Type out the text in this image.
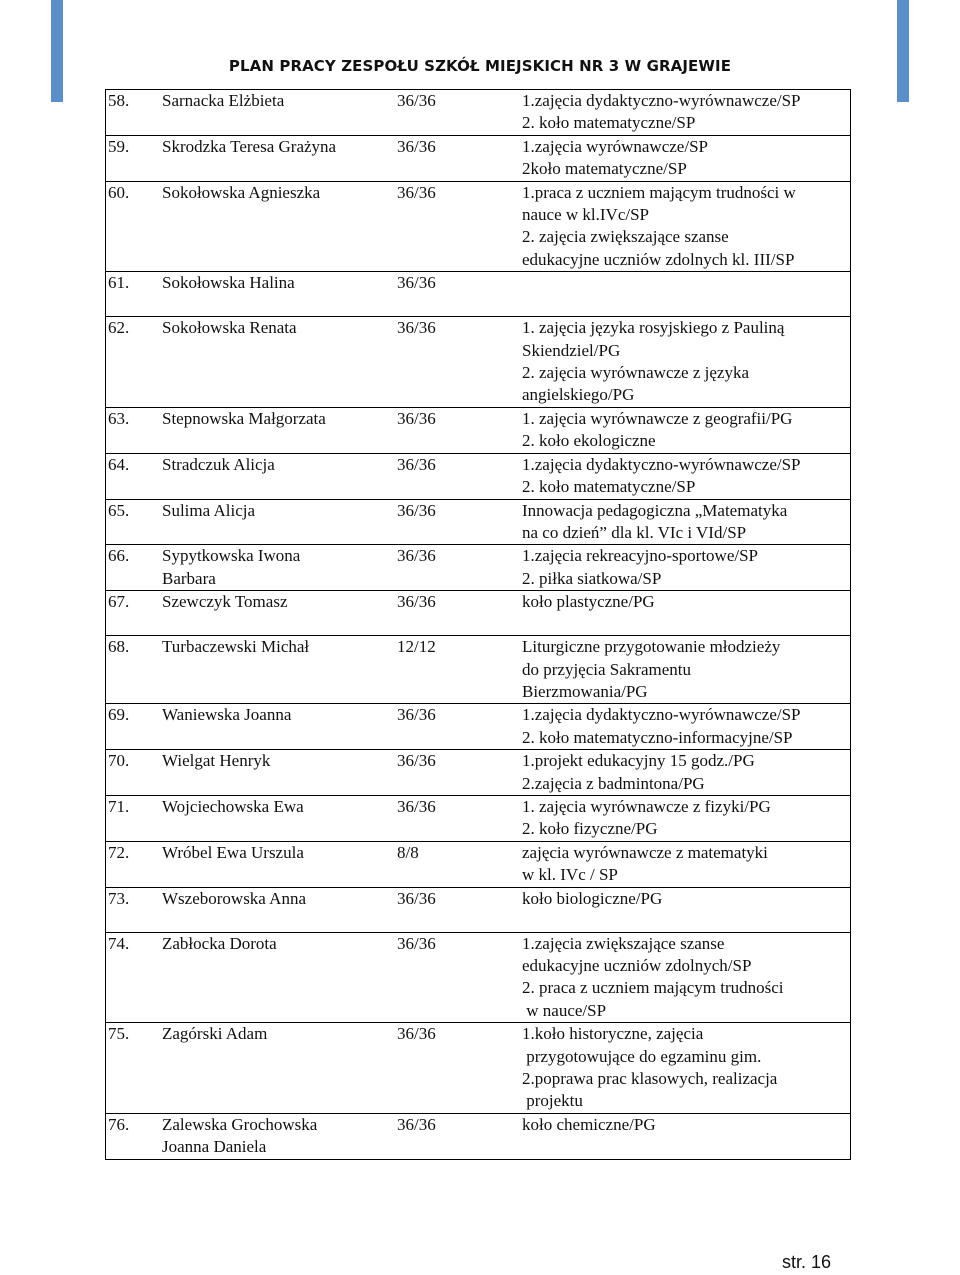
PLAN PRACY ZESPOŁU SZKÓŁ MIEJSKICH NR 3 W GRAJEWIE
58.	Sarnacka Elżbieta	36/36	1.zajęcia dydaktyczno-wyrównawcze/SP
2. koło matematyczne/SP

59.	Skrodzka Teresa Grażyna	36/36	1.zajęcia wyrównawcze/SP
2koło matematyczne/SP

60.	Sokołowska Agnieszka	36/36	1.praca z uczniem mającym trudności w
nauce w kl.IVc/SP
2. zajęcia zwiększające szanse
edukacyjne uczniów zdolnych kl. III/SP

61.	Sokołowska Halina	36/36	

62.	Sokołowska Renata	36/36	1. zajęcia języka rosyjskiego z Pauliną
Skiendziel/PG
2. zajęcia wyrównawcze z języka
angielskiego/PG

63.	Stepnowska Małgorzata	36/36	1. zajęcia wyrównawcze z geografii/PG
2. koło ekologiczne

64.	Stradczuk Alicja	36/36	1.zajęcia dydaktyczno-wyrównawcze/SP
2. koło matematyczne/SP

65.	Sulima Alicja	36/36	Innowacja pedagogiczna „Matematyka
na co dzień” dla kl. VIc i VId/SP

66.	Sypytkowska Iwona
Barbara	36/36	1.zajęcia rekreacyjno-sportowe/SP
2. piłka siatkowa/SP

67.	Szewczyk Tomasz	36/36	koło plastyczne/PG

68.	Turbaczewski Michał	12/12	Liturgiczne przygotowanie młodzieży
do przyjęcia Sakramentu
Bierzmowania/PG

69.	Waniewska Joanna	36/36	1.zajęcia dydaktyczno-wyrównawcze/SP
2. koło matematyczno-informacyjne/SP

70.	Wielgat Henryk	36/36	1.projekt edukacyjny 15 godz./PG
2.zajęcia z badmintona/PG

71.	Wojciechowska Ewa	36/36	1. zajęcia wyrównawcze z fizyki/PG
2. koło fizyczne/PG

72.	Wróbel Ewa Urszula	8/8	zajęcia wyrównawcze z matematyki
w kl. IVc / SP

73.	Wszeborowska Anna	36/36	koło biologiczne/PG

74.	Zabłocka Dorota	36/36	1.zajęcia zwiększające szanse
edukacyjne uczniów zdolnych/SP
2. praca z uczniem mającym trudności
w nauce/SP

75.	Zagórski Adam	36/36	1.koło historyczne, zajęcia
przygotowujące do egzaminu gim.
2.poprawa prac klasowych, realizacja
projektu

76.	Zalewska Grochowska
Joanna Daniela	36/36	koło chemiczne/PG
str. 16
